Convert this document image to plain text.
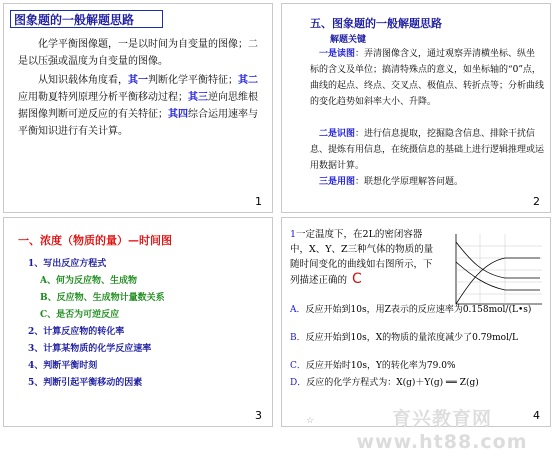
图象题的一般解题思路
化学平衡图像题，一是以时间为自变量的图像；二是以压强或温度为自变量的图像。
从知识载体角度看，其一判断化学平衡特征；其二应用勒夏特列原理分析平衡移动过程；其三逆向思维根据图像判断可逆反应的有关特征；其四综合运用速率与平衡知识进行有关计算。
1
五、图象题的一般解题思路
解题关键
一是读图：弄清图像含义，通过观察弄清横坐标、纵坐标的含义及单位；搞清特殊点的意义，如坐标轴的“0”点，曲线的起点、终点、交叉点、极值点、转折点等；分析曲线的变化趋势如斜率大小、升降。
二是识图：进行信息提取，挖掘隐含信息、排除干扰信息、提炼有用信息，在统摄信息的基础上进行逻辑推理或运用数据计算。
三是用图：联想化学原理解答问题。
2
一、浓度（物质的量）—时间图
1、写出反应方程式
A、何为反应物、生成物
B、反应物、生成物计量数关系
C、是否为可逆反应
2、计算反应物的转化率
3、计算某物质的化学反应速率
4、判断平衡时刻
5、判断引起平衡移动的因素
3
1一定温度下，在2L的密闭容器中，X、Y、Z三种气体的物质的量随时间变化的曲线如右图所示，下列描述正确的 C
A．反应开始到10s，用Z表示的反应速率为0.158mol/(L•s)
B．反应开始到10s，X的物质的量浓度减少了0.79mol/L
C．反应开始时10s，Y的转化率为79.0%
D．反应的化学方程式为：X(g)＋Y(g) ══ Z(g)
4
☆	育兴教育网 www.ht88.com
